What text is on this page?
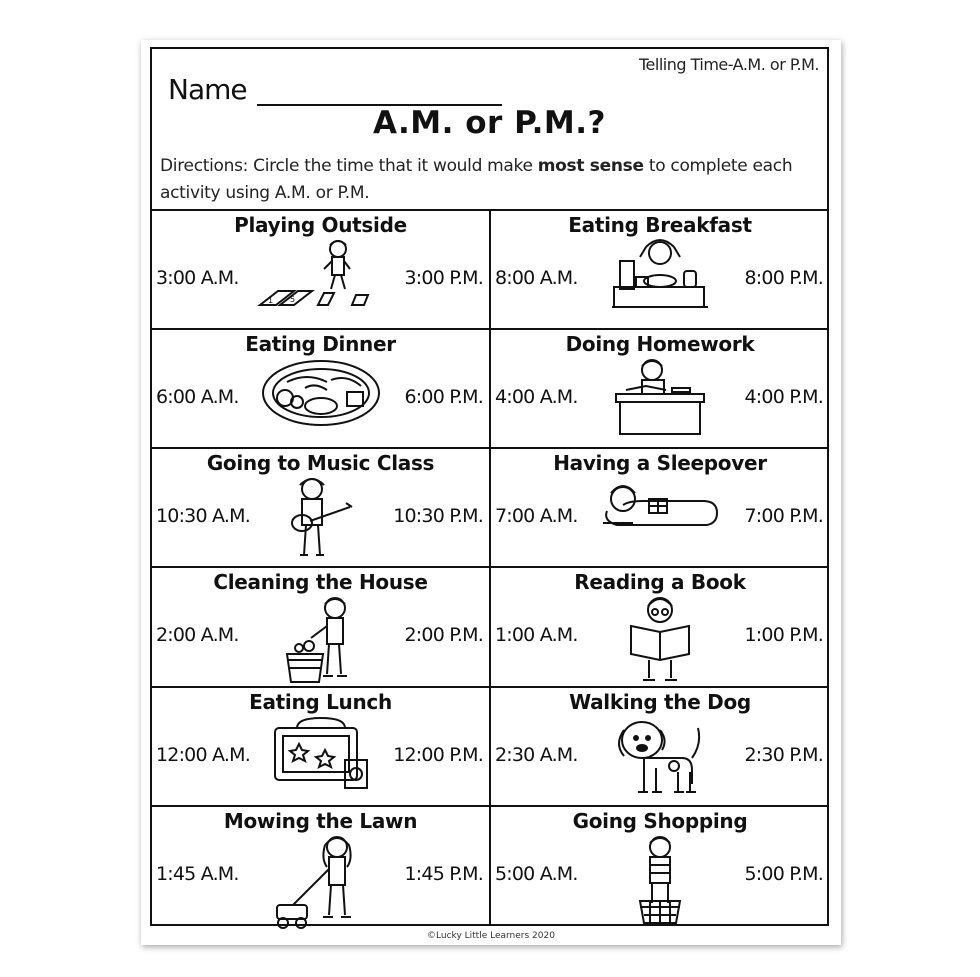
Telling Time-A.M. or P.M.
Name
A.M. or P.M.?
Directions: Circle the time that it would make most sense to complete each activity using A.M. or P.M.
Playing Outside
3:00 A.M.
1 5
3:00 P.M.
Eating Breakfast
8:00 A.M.	8:00 P.M.
Eating Dinner
6:00 A.M.	6:00 P.M.
Doing Homework
4:00 A.M.	4:00 P.M.
Going to Music Class
10:30 A.M.	10:30 P.M.
Having a Sleepover
7:00 A.M.	7:00 P.M.
Cleaning the House
2:00 A.M.	2:00 P.M.
Reading a Book
1:00 A.M.	1:00 P.M.
Eating Lunch
12:00 A.M.	12:00 P.M.
Walking the Dog
2:30 A.M.	2:30 P.M.
Mowing the Lawn
1:45 A.M.	1:45 P.M.
Going Shopping
5:00 A.M.	5:00 P.M.
©Lucky Little Learners 2020
